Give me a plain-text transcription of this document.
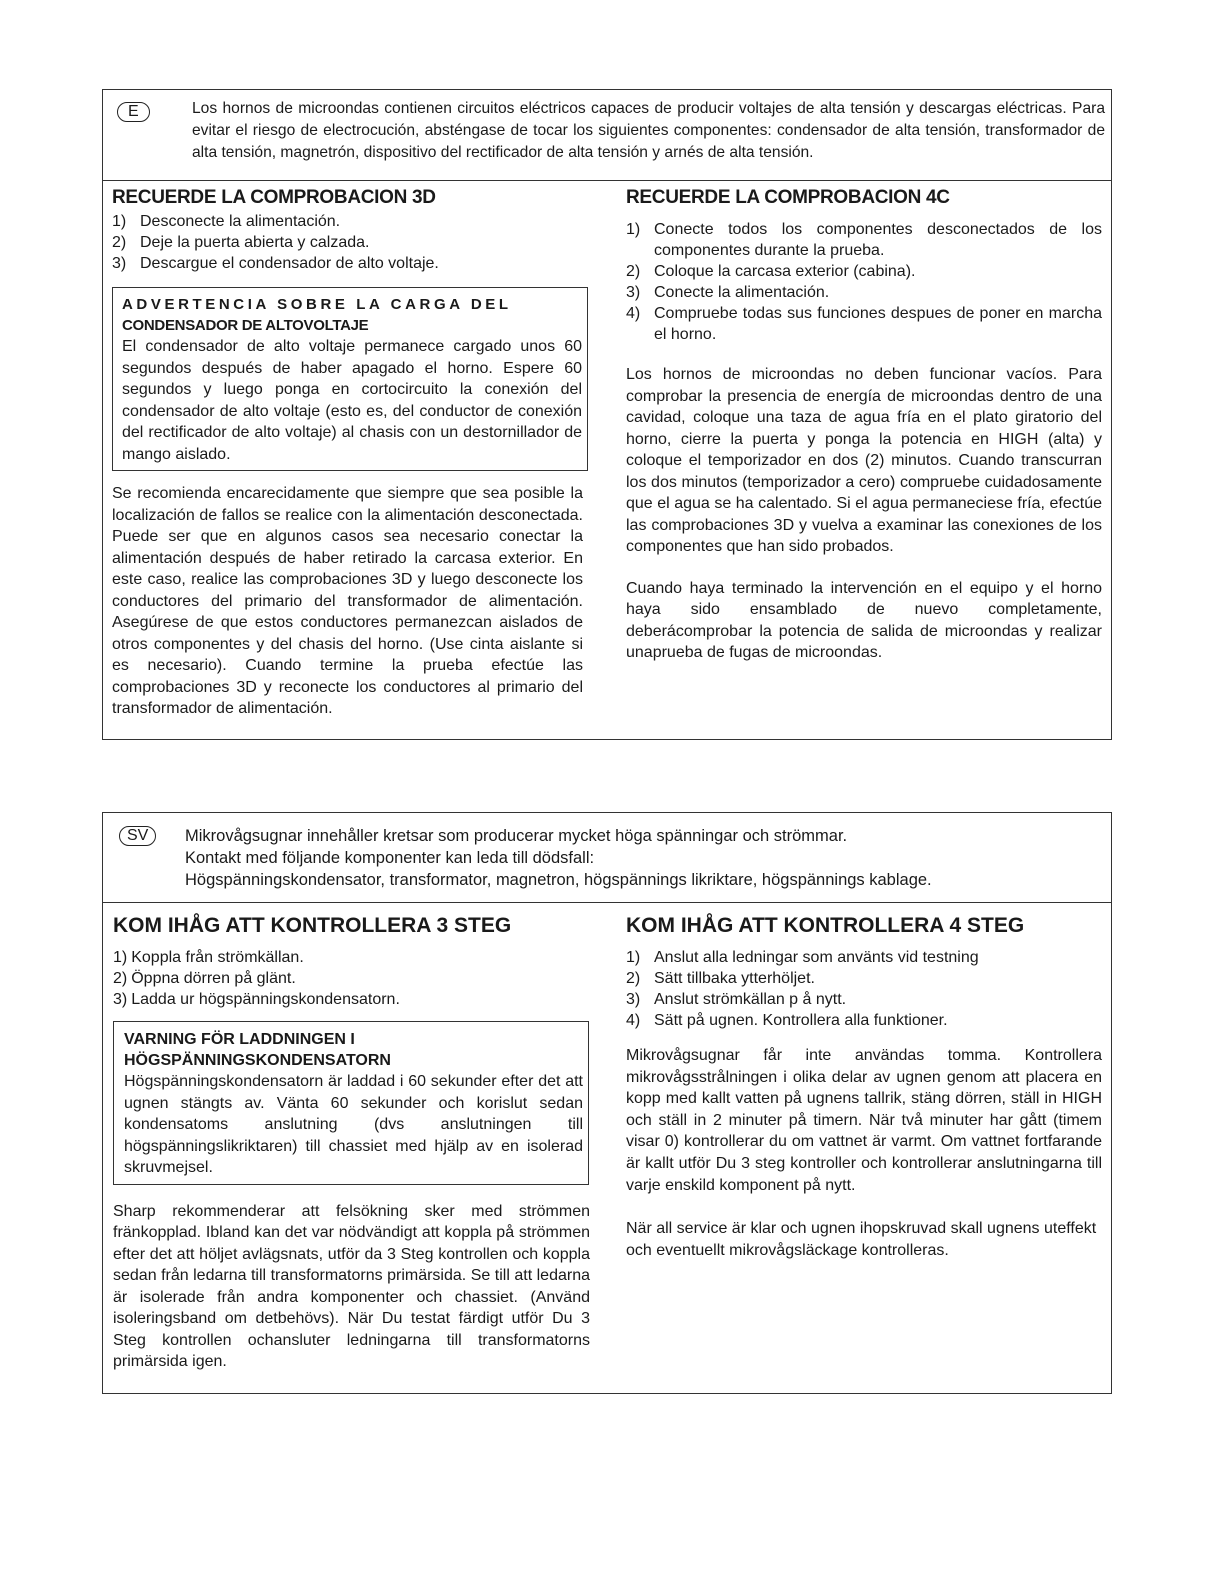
E	Los hornos de microondas contienen circuitos eléctricos capaces de producir voltajes de alta tensión y descargas eléctricas. Para evitar el riesgo de electrocución, absténgase de tocar los siguientes componentes: condensador de alta tensión, transformador de alta tensión, magnetrón, dispositivo del rectificador de alta tensión y arnés de alta tensión.
RECUERDE LA COMPROBACION 3D
1) Desconecte la alimentación.
2) Deje la puerta abierta y calzada.
3) Descargue el condensador de alto voltaje.
ADVERTENCIA SOBRE LA CARGA DEL
CONDENSADOR DE ALTOVOLTAJE
El condensador de alto voltaje permanece cargado unos 60 segundos después de haber apagado el horno. Espere 60 segundos y luego ponga en cortocircuito la conexión del condensador de alto voltaje (esto es, del conductor de conexión del rectificador de alto voltaje) al chasis con un destornillador de mango aislado.

Se recomienda encarecidamente que siempre que sea posible la localización de fallos se realice con la alimentación desconectada. Puede ser que en algunos casos sea necesario conectar la alimentación después de haber retirado la carcasa exterior. En este caso, realice las comprobaciones 3D y luego desconecte los conductores del primario del transformador de alimentación. Asegúrese de que estos conductores permanezcan aislados de otros componentes y del chasis del horno. (Use cinta aislante si es necesario). Cuando termine la prueba efectúe las comprobaciones 3D y reconecte los conductores al primario del transformador de alimentación.

RECUERDE LA COMPROBACION 4C
1) Conecte todos los componentes desconectados de los componentes durante la prueba.
2) Coloque la carcasa exterior (cabina).
3) Conecte la alimentación.
4) Compruebe todas sus funciones despues de poner en marcha el horno.

Los hornos de microondas no deben funcionar vacíos. Para comprobar la presencia de energía de microondas dentro de una cavidad, coloque una taza de agua fría en el plato giratorio del horno, cierre la puerta y ponga la potencia en HIGH (alta) y coloque el temporizador en dos (2) minutos. Cuando transcurran los dos minutos (temporizador a cero) compruebe cuidadosamente que el agua se ha calentado. Si el agua permaneciese fría, efectúe las comprobaciones 3D y vuelva a examinar las conexiones de los componentes que han sido probados.

Cuando haya terminado la intervención en el equipo y el horno haya sido ensamblado de nuevo completamente, deberácomprobar la potencia de salida de microondas y realizar unaprueba de fugas de microondas.

SV	Mikrovågsugnar innehåller kretsar som producerar mycket höga spänningar och strömmar.
Kontakt med följande komponenter kan leda till dödsfall:
Högspänningskondensator, transformator, magnetron, högspännings likriktare, högspännings kablage.
KOM IHÅG ATT KONTROLLERA 3 STEG
1) Koppla från strömkällan.
2) Öppna dörren på glänt.
3) Ladda ur högspänningskondensatorn.
VARNING FÖR LADDNINGEN I
HÖGSPÄNNINGSKONDENSATORN
Högspänningskondensatorn är laddad i 60 sekunder efter det att ugnen stängts av. Vänta 60 sekunder och korislut sedan kondensatoms anslutning (dvs anslutningen till högspänningslikriktaren) till chassiet med hjälp av en isolerad skruvmejsel.

Sharp rekommenderar att felsökning sker med strömmen fränkopplad. Ibland kan det var nödvändigt att koppla på strömmen efter det att höljet avlägsnats, utför da 3 Steg kontrollen och koppla sedan från ledarna till transformatorns primärsida. Se till att ledarna är isolerade från andra komponenter och chassiet. (Använd isoleringsband om detbehövs). När Du testat färdigt utför Du 3 Steg kontrollen ochansluter ledningarna till transformatorns primärsida igen.

KOM IHÅG ATT KONTROLLERA 4 STEG
1) Anslut alla ledningar som använts vid testning
2) Sätt tillbaka ytterhöljet.
3) Anslut strömkällan p å nytt.
4) Sätt på ugnen. Kontrollera alla funktioner.

Mikrovågsugnar får inte användas tomma. Kontrollera mikrovågsstrålningen i olika delar av ugnen genom att placera en kopp med kallt vatten på ugnens tallrik, stäng dörren, ställ in HIGH och ställ in 2 minuter på timern. När två minuter har gått (timem visar 0) kontrollerar du om vattnet är varmt. Om vattnet fortfarande är kallt utför Du 3 steg kontroller och kontrollerar anslutningarna till varje enskild komponent på nytt.

När all service är klar och ugnen ihopskruvad skall ugnens uteffekt och eventuellt mikrovågsläckage kontrolleras.
